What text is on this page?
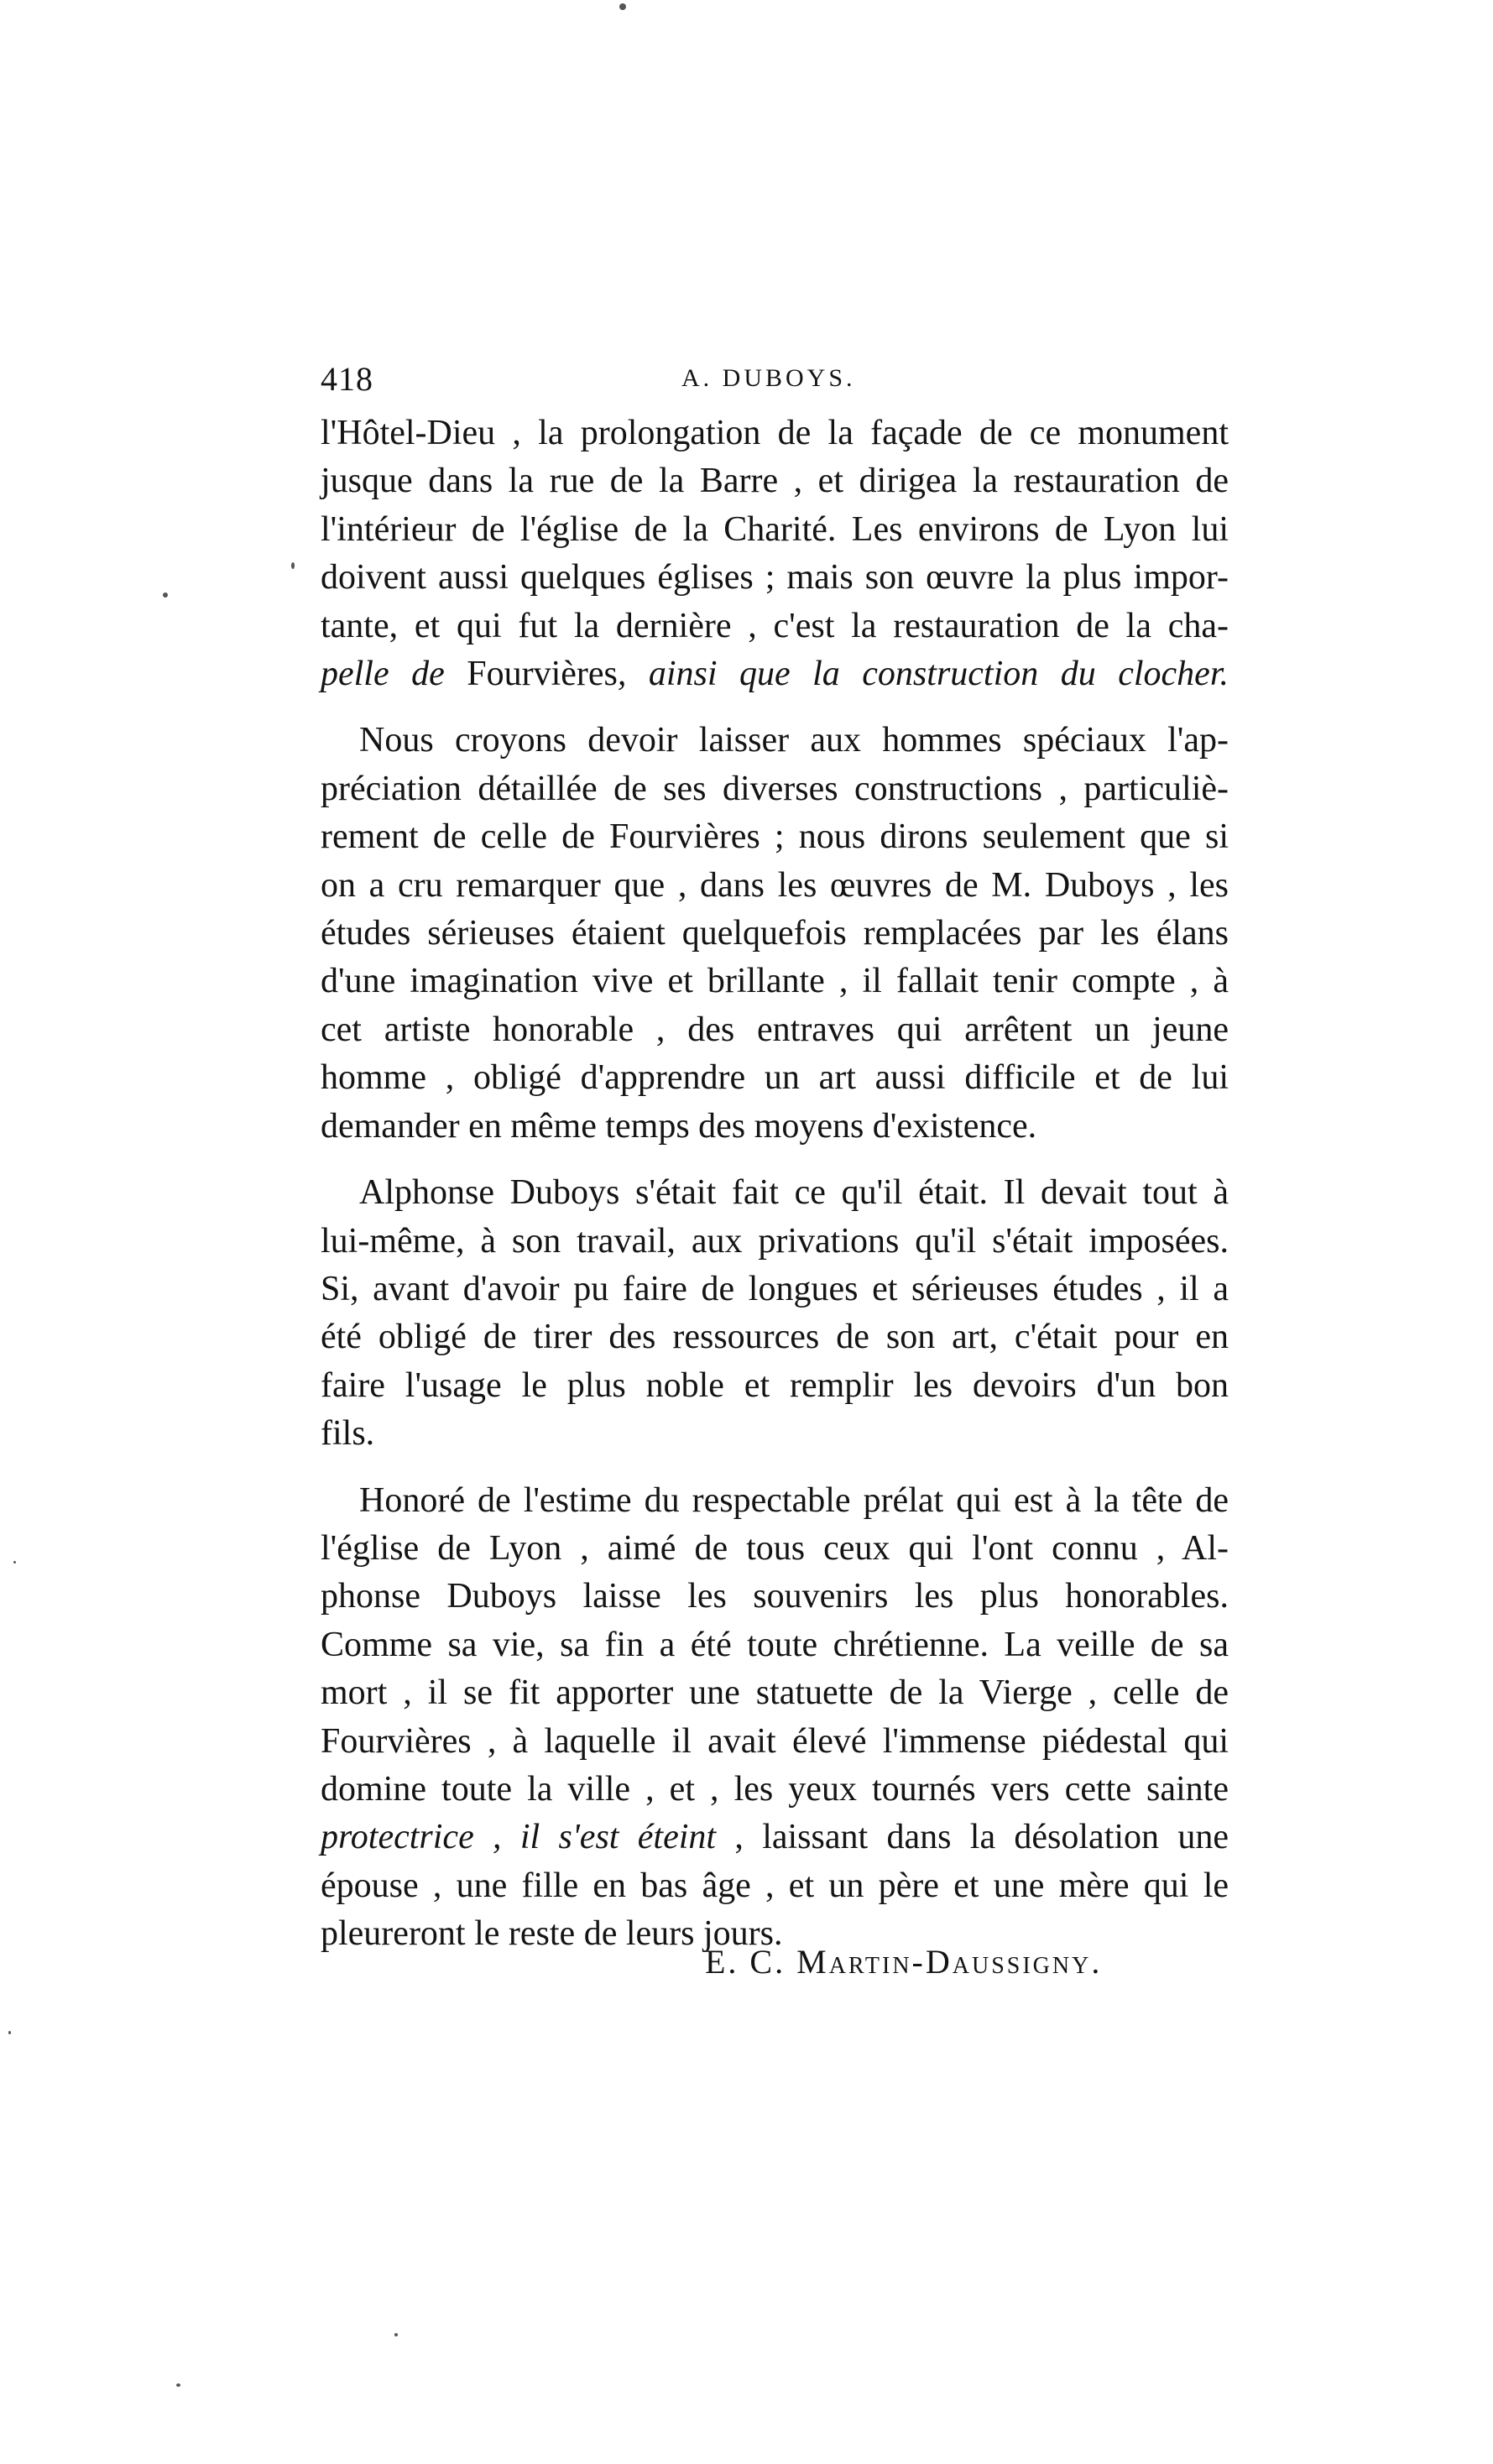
418	A. DUBOYS.

l'Hôtel-Dieu , la prolongation de la façade de ce monument
jusque dans la rue de la Barre , et dirigea la restauration de
l'intérieur de l'église de la Charité. Les environs de Lyon lui
doivent aussi quelques églises ; mais son œuvre la plus impor-
tante, et qui fut la dernière , c'est la restauration de la cha-
pelle de Fourvières, ainsi que la construction du clocher.

Nous croyons devoir laisser aux hommes spéciaux l'ap-
préciation détaillée de ses diverses constructions , particuliè-
rement de celle de Fourvières ; nous dirons seulement que si
on a cru remarquer que , dans les œuvres de M. Duboys , les
études sérieuses étaient quelquefois remplacées par les élans
d'une imagination vive et brillante , il fallait tenir compte , à
cet artiste honorable , des entraves qui arrêtent un jeune
homme , obligé d'apprendre un art aussi difficile et de lui
demander en même temps des moyens d'existence.

Alphonse Duboys s'était fait ce qu'il était. Il devait tout à
lui-même, à son travail, aux privations qu'il s'était imposées.
Si, avant d'avoir pu faire de longues et sérieuses études , il a
été obligé de tirer des ressources de son art, c'était pour en
faire l'usage le plus noble et remplir les devoirs d'un bon
fils.

Honoré de l'estime du respectable prélat qui est à la tête de
l'église de Lyon , aimé de tous ceux qui l'ont connu , Al-
phonse Duboys laisse les souvenirs les plus honorables.
Comme sa vie, sa fin a été toute chrétienne. La veille de sa
mort , il se fit apporter une statuette de la Vierge , celle de
Fourvières , à laquelle il avait élevé l'immense piédestal qui
domine toute la ville , et , les yeux tournés vers cette sainte
protectrice , il s'est éteint , laissant dans la désolation une
épouse , une fille en bas âge , et un père et une mère qui le
pleureront le reste de leurs jours.

E. C. Martin-Daussigny.
